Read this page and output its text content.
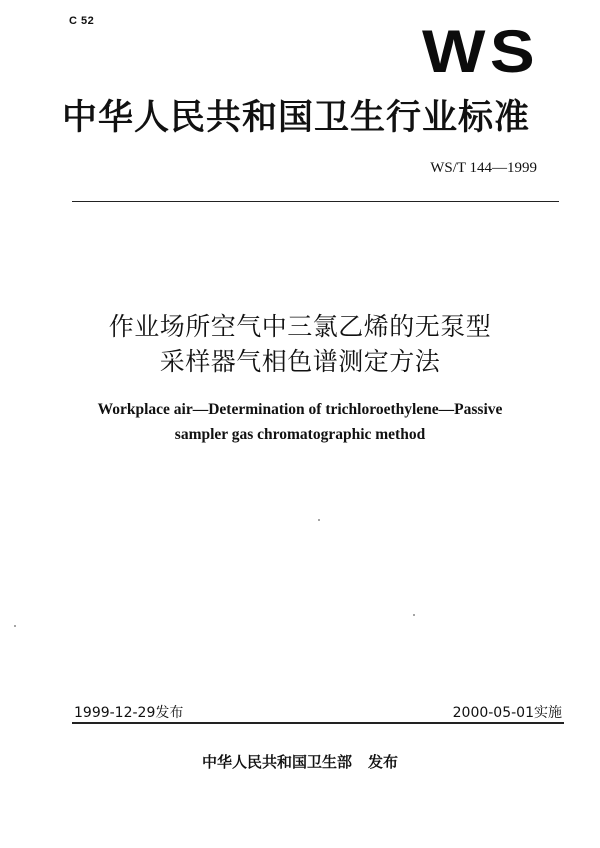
C 52	WS
中华人民共和国卫生行业标准
WS/T 144—1999
作业场所空气中三氯乙烯的无泵型
采样器气相色谱测定方法
Workplace air—Determination of trichloroethylene—Passive
sampler gas chromatographic method
1999-12-29发布	2000-05-01实施
中华人民共和国卫生部 发布
